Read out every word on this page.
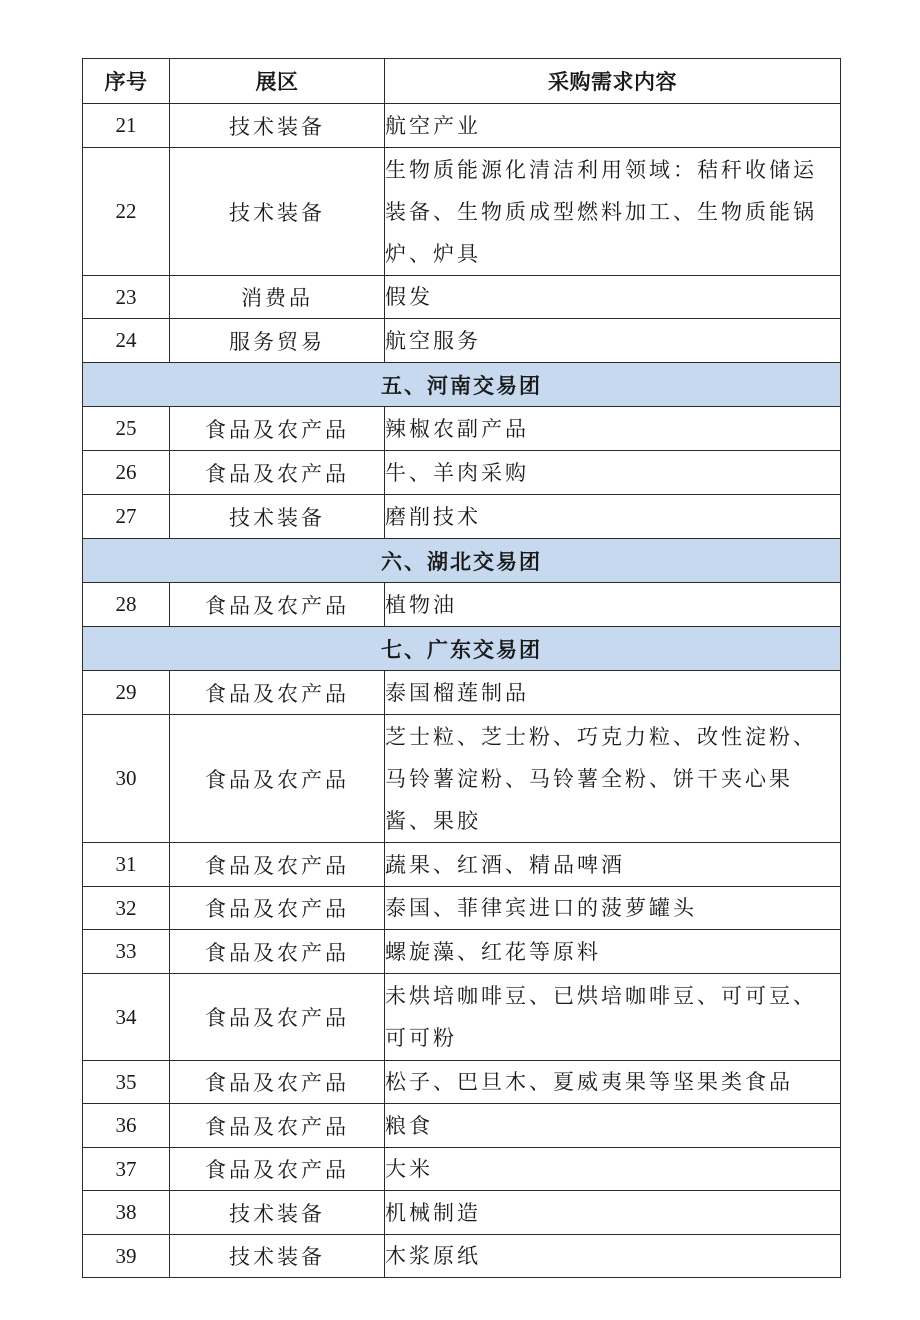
序号	展区	采购需求内容
21	技术装备	航空产业
22	技术装备	生物质能源化清洁利用领域：秸秆收储运装备、生物质成型燃料加工、生物质能锅炉、炉具
23	消费品	假发
24	服务贸易	航空服务
五、河南交易团		
25	食品及农产品	辣椒农副产品
26	食品及农产品	牛、羊肉采购
27	技术装备	磨削技术
六、湖北交易团		
28	食品及农产品	植物油
七、广东交易团		
29	食品及农产品	泰国榴莲制品
30	食品及农产品	芝士粒、芝士粉、巧克力粒、改性淀粉、马铃薯淀粉、马铃薯全粉、饼干夹心果酱、果胶
31	食品及农产品	蔬果、红酒、精品啤酒
32	食品及农产品	泰国、菲律宾进口的菠萝罐头
33	食品及农产品	螺旋藻、红花等原料
34	食品及农产品	未烘培咖啡豆、已烘培咖啡豆、可可豆、可可粉
35	食品及农产品	松子、巴旦木、夏威夷果等坚果类食品
36	食品及农产品	粮食
37	食品及农产品	大米
38	技术装备	机械制造
39	技术装备	木浆原纸
